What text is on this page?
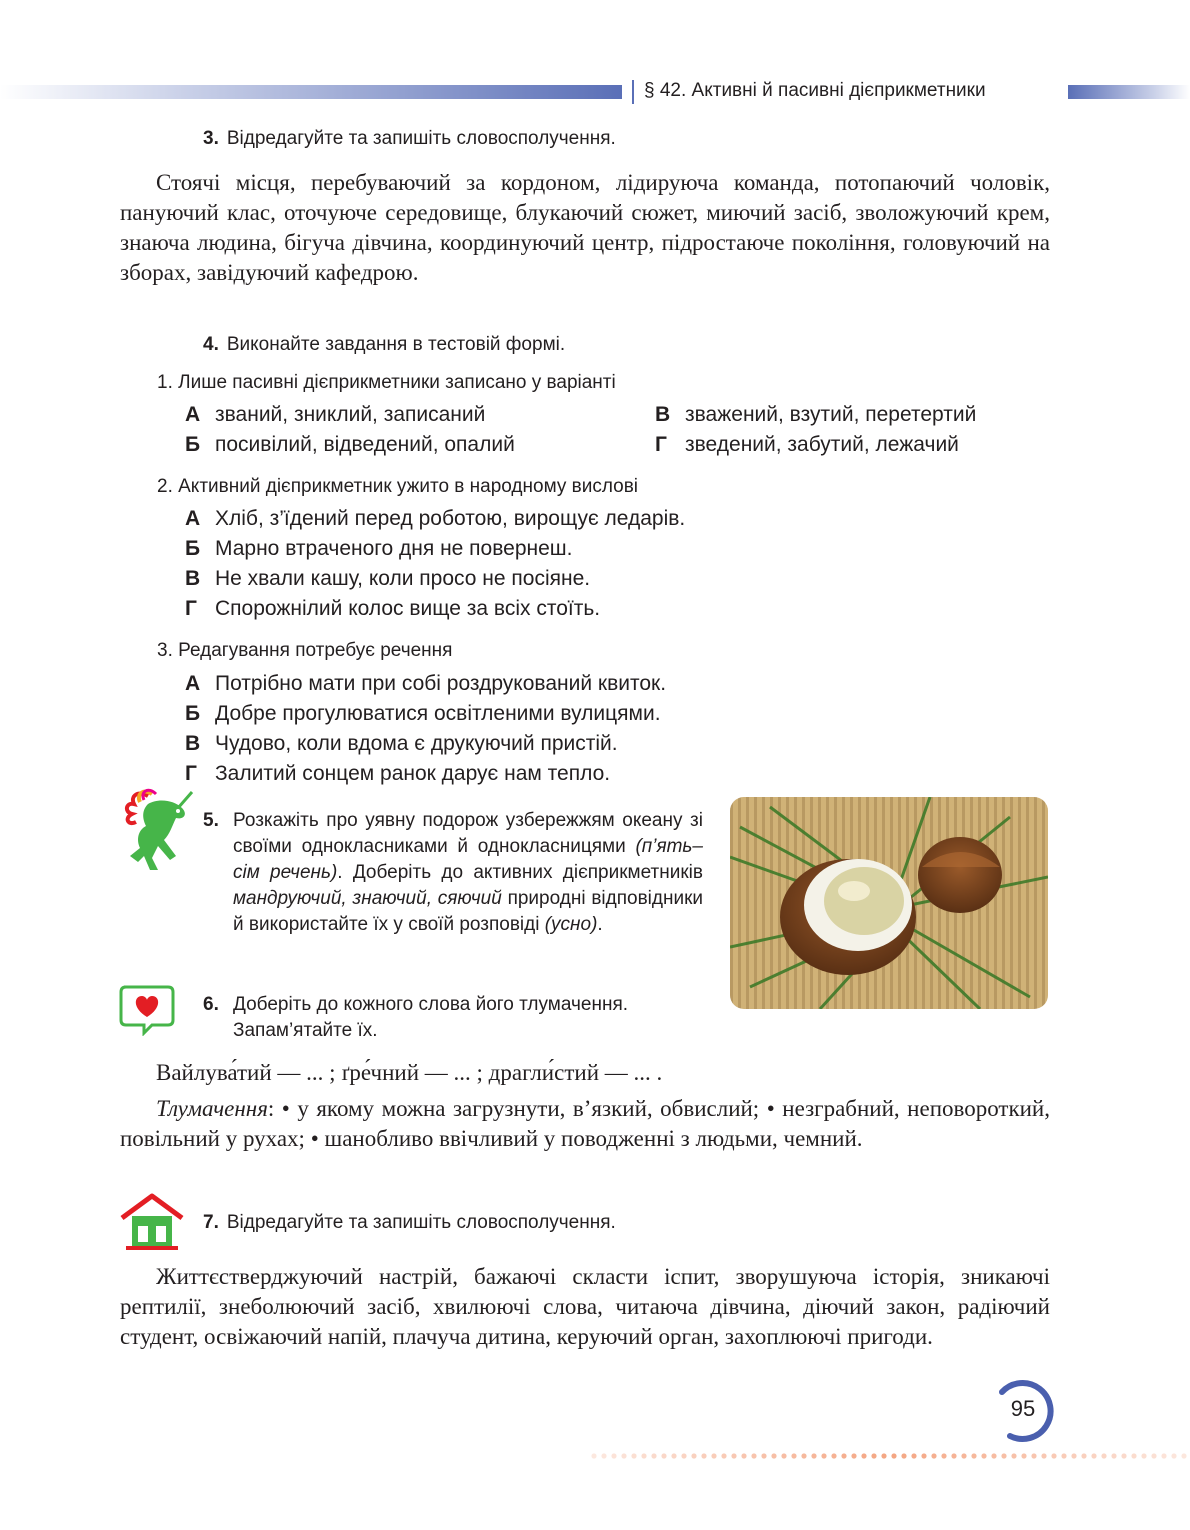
§ 42. Активні й пасивні дієприкметники
3. Відредагуйте та запишіть словосполучення.
Стоячі місця, перебуваючий за кордоном, лідируюча команда, потопаючий чоловік, пануючий клас, оточуюче середовище, блукаючий сюжет, миючий засіб, зволожуючий крем, знаюча людина, бігуча дівчина, координуючий центр, підростаюче покоління, головуючий на зборах, завідуючий кафедрою.
4. Виконайте завдання в тестовій формі.
1. Лише пасивні дієприкметники записано у варіанті
А званий, зниклий, записаний
Б посивілий, відведений, опалий
В зважений, взутий, перетертий
Г зведений, забутий, лежачий
2. Активний дієприкметник ужито в народному вислові
А Хліб, з’їдений перед роботою, вирощує ледарів.
Б Марно втраченого дня не повернеш.
В Не хвали кашу, коли просо не посіяне.
Г Спорожнілий колос вище за всіх стоїть.
3. Редагування потребує речення
А Потрібно мати при собі роздрукований квиток.
Б Добре прогулюватися освітленими вулицями.
В Чудово, коли вдома є друкуючий пристій.
Г Залитий сонцем ранок дарує нам тепло.
5. Розкажіть про уявну подорож узбережжям океану зі своїми однокласниками й однокласницями (п’ять–сім речень). Доберіть до активних дієприкметників мандруючий, знаючий, сяючий природні відповідники й використайте їх у своїй розповіді (усно).
6. Доберіть до кожного слова його тлумачення. Запам’ятайте їх.
Вайлува́тий — ... ; ґре́чний — ... ; драгли́стий — ... .
Тлумачення: • у якому можна загрузнути, в’язкий, обвислий; • незграбний, неповороткий, повільний у рухах; • шанобливо ввічливий у поводженні з людьми, чемний.
7. Відредагуйте та запишіть словосполучення.
Життєстверджуючий настрій, бажаючі скласти іспит, зворушуюча історія, зникаючі рептилії, знеболюючий засіб, хвилюючі слова, читаюча дівчина, діючий закон, радіючий студент, освіжаючий напій, плачуча дитина, керуючий орган, захоплюючі пригоди.
95
